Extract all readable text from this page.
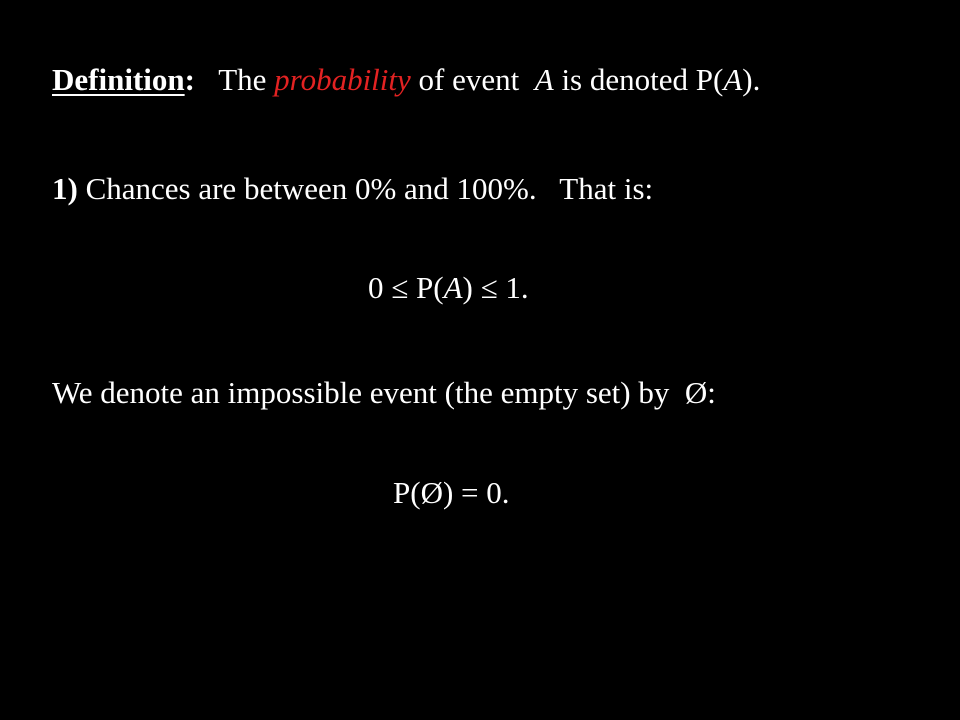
Definition: The probability of event A is denoted P(A).
1) Chances are between 0% and 100%.   That is:
0 ≤ P(A) ≤ 1.
We denote an impossible event (the empty set) by  Ø:
P(Ø) = 0.
